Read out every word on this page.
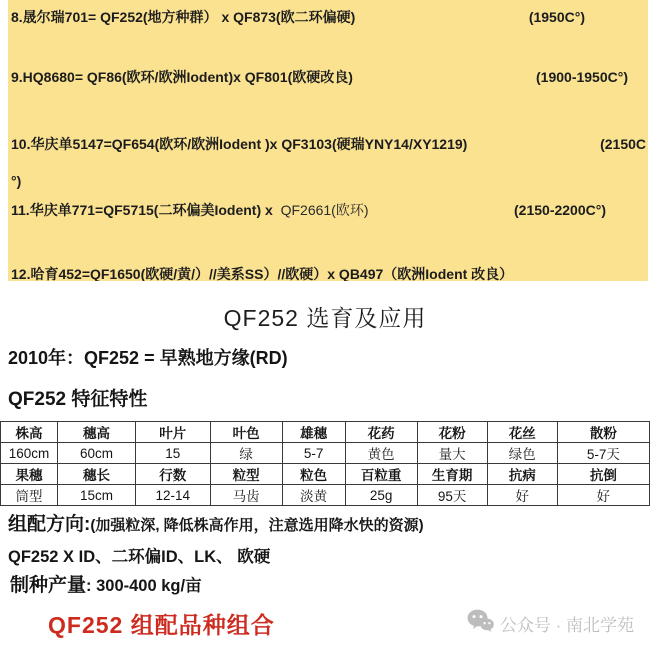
8.晟尔瑞701= QF252(地方种群） x QF873(欧二环偏硬)	(1950C°)
9.HQ8680= QF86(欧环/欧洲Iodent)x QF801(欧硬改良)	(1900-1950C°)
10.华庆单5147=QF654(欧环/欧洲Iodent )x QF3103(硬瑞YNY14/XY1219)	(2150C
°)
11.华庆单771=QF5715(二环偏美Iodent) x QF2661(欧环)	(2150-2200C°)
12.哈育452=QF1650(欧硬/黄/）//美系SS）//欧硬）x QB497（欧洲Iodent 改良）
QF252 选育及应用
2010年：QF252 = 早熟地方缘(RD)
QF252 特征特性
株高	穗高	叶片	叶色	雄穗	花药	花粉	花丝	散粉
160cm	60cm	15	绿	5-7	黄色	量大	绿色	5-7天
果穗	穗长	行数	粒型	粒色	百粒重	生育期	抗病	抗倒
筒型	15cm	12-14	马齿	淡黄	25g	95天	好	好
组配方向:(加强粒深, 降低株高作用，注意选用降水快的资源)
QF252 X ID、二环偏ID、LK、 欧硬
制种产量: 300-400 kg/亩
QF252 组配品种组合	公众号 · 南北学苑
